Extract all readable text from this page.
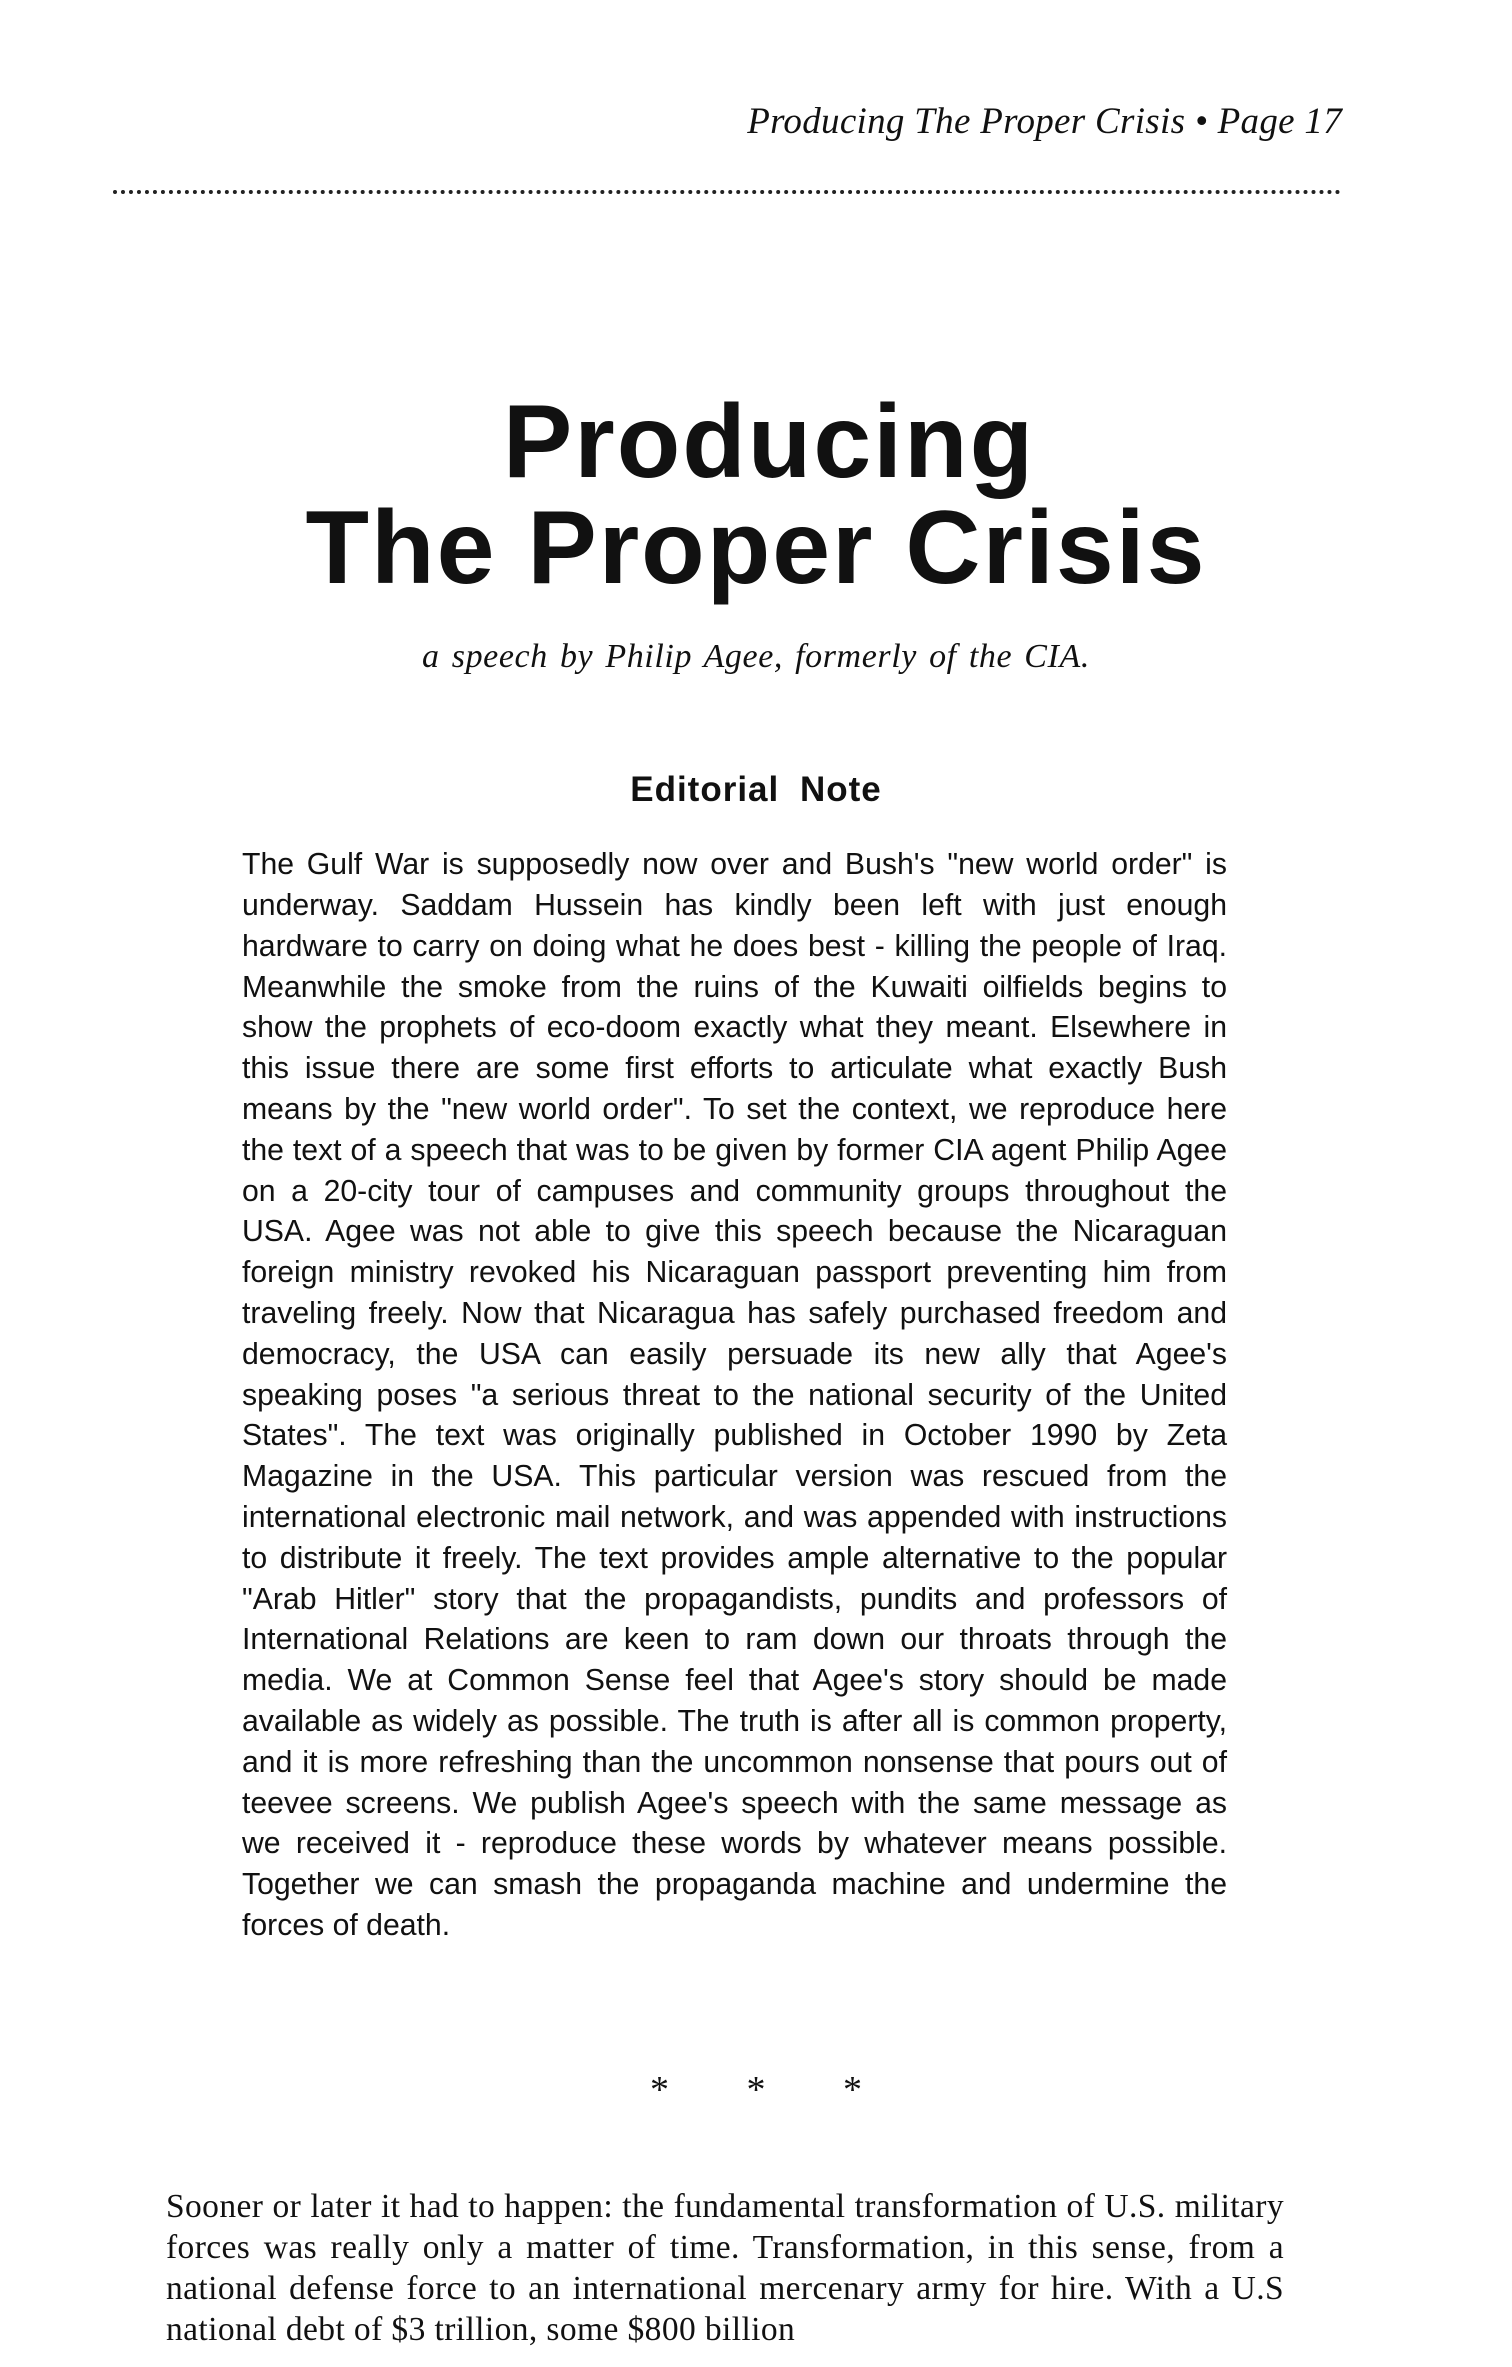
Producing The Proper Crisis • Page 17
Producing
The Proper Crisis
a speech by Philip Agee, formerly of the CIA.
Editorial Note

The Gulf War is supposedly now over and Bush's "new world order" is underway. Saddam Hussein has kindly been left with just enough hardware to carry on doing what he does best - killing the people of Iraq. Meanwhile the smoke from the ruins of the Kuwaiti oilfields begins to show the prophets of eco-doom exactly what they meant. Elsewhere in this issue there are some first efforts to articulate what exactly Bush means by the "new world order". To set the context, we reproduce here the text of a speech that was to be given by former CIA agent Philip Agee on a 20-city tour of campuses and community groups throughout the USA. Agee was not able to give this speech because the Nicaraguan foreign ministry revoked his Nicaraguan passport preventing him from traveling freely. Now that Nicaragua has safely purchased freedom and democracy, the USA can easily persuade its new ally that Agee's speaking poses "a serious threat to the national security of the United States". The text was originally published in October 1990 by Zeta Magazine in the USA. This particular version was rescued from the international electronic mail network, and was appended with instructions to distribute it freely. The text provides ample alternative to the popular "Arab Hitler" story that the propagandists, pundits and professors of International Relations are keen to ram down our throats through the media. We at Common Sense feel that Agee's story should be made available as widely as possible. The truth is after all is common property, and it is more refreshing than the uncommon nonsense that pours out of teevee screens. We publish Agee's speech with the same message as we received it - reproduce these words by whatever means possible. Together we can smash the propaganda machine and undermine the forces of death.

* * *

Sooner or later it had to happen: the fundamental transformation of U.S. military forces was really only a matter of time. Transformation, in this sense, from a national defense force to an international mercenary army for hire. With a U.S national debt of $3 trillion, some $800 billion
